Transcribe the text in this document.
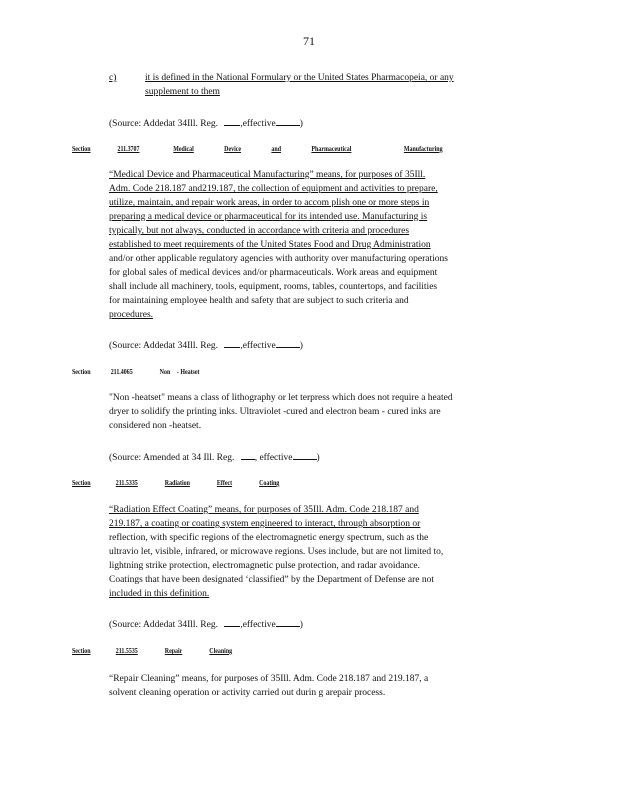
71
c)	it is defined in the National Formulary or the United States Pharmacopeia, or any
supplement to them
(Source: Addedat 34Ill. Reg. ,effective	)
Section	211.3707	Medical	Device	and	Pharmaceutical	Manufacturing
“Medical Device and Pharmaceutical Manufacturing” means, for purposes of 35Ill.
Adm. Code 218.187 and219.187, the collection of equipment and activities to prepare,
utilize, maintain, and repair work areas, in order to accom plish one or more steps in
preparing a medical device or pharmaceutical for its intended use. Manufacturing is
typically, but not always, conducted in accordance with criteria and procedures
established to meet requirements of the United States Food and Drug Administration
and/or other applicable regulatory agencies with authority over manufacturing operations
for global sales of medical devices and/or pharmaceuticals. Work areas and equipment
shall include all machinery, tools, equipment, rooms, tables, countertops, and facilities
for maintaining employee health and safety that are subject to such criteria and
procedures.
(Source: Addedat 34Ill. Reg. ,effective	)
Section	211.4065	Non - Heatset
"Non -heatset" means a class of lithography or let terpress which does not require a heated
dryer to solidify the printing inks. Ultraviolet -cured and electron beam - cured inks are
considered non -heatset.
(Source: Amended at 34 Ill. Reg. , effective	)
Section	211.5335	Radiation	Effect	Coating
“Radiation Effect Coating” means, for purposes of 35Ill. Adm. Code 218.187 and
219.187, a coating or coating system engineered to interact, through absorption or
reflection, with specific regions of the electromagnetic energy spectrum, such as the
ultravio let, visible, infrared, or microwave regions. Uses include, but are not limited to,
lightning strike protection, electromagnetic pulse protection, and radar avoidance.
Coatings that have been designated ‘classified” by the Department of Defense are not
included in this definition.
(Source: Addedat 34Ill. Reg. ,effective	)
Section	211.5535	Repair	Cleaning
“Repair Cleaning” means, for purposes of 35Ill. Adm. Code 218.187 and 219.187, a
solvent cleaning operation or activity carried out durin g arepair process.
